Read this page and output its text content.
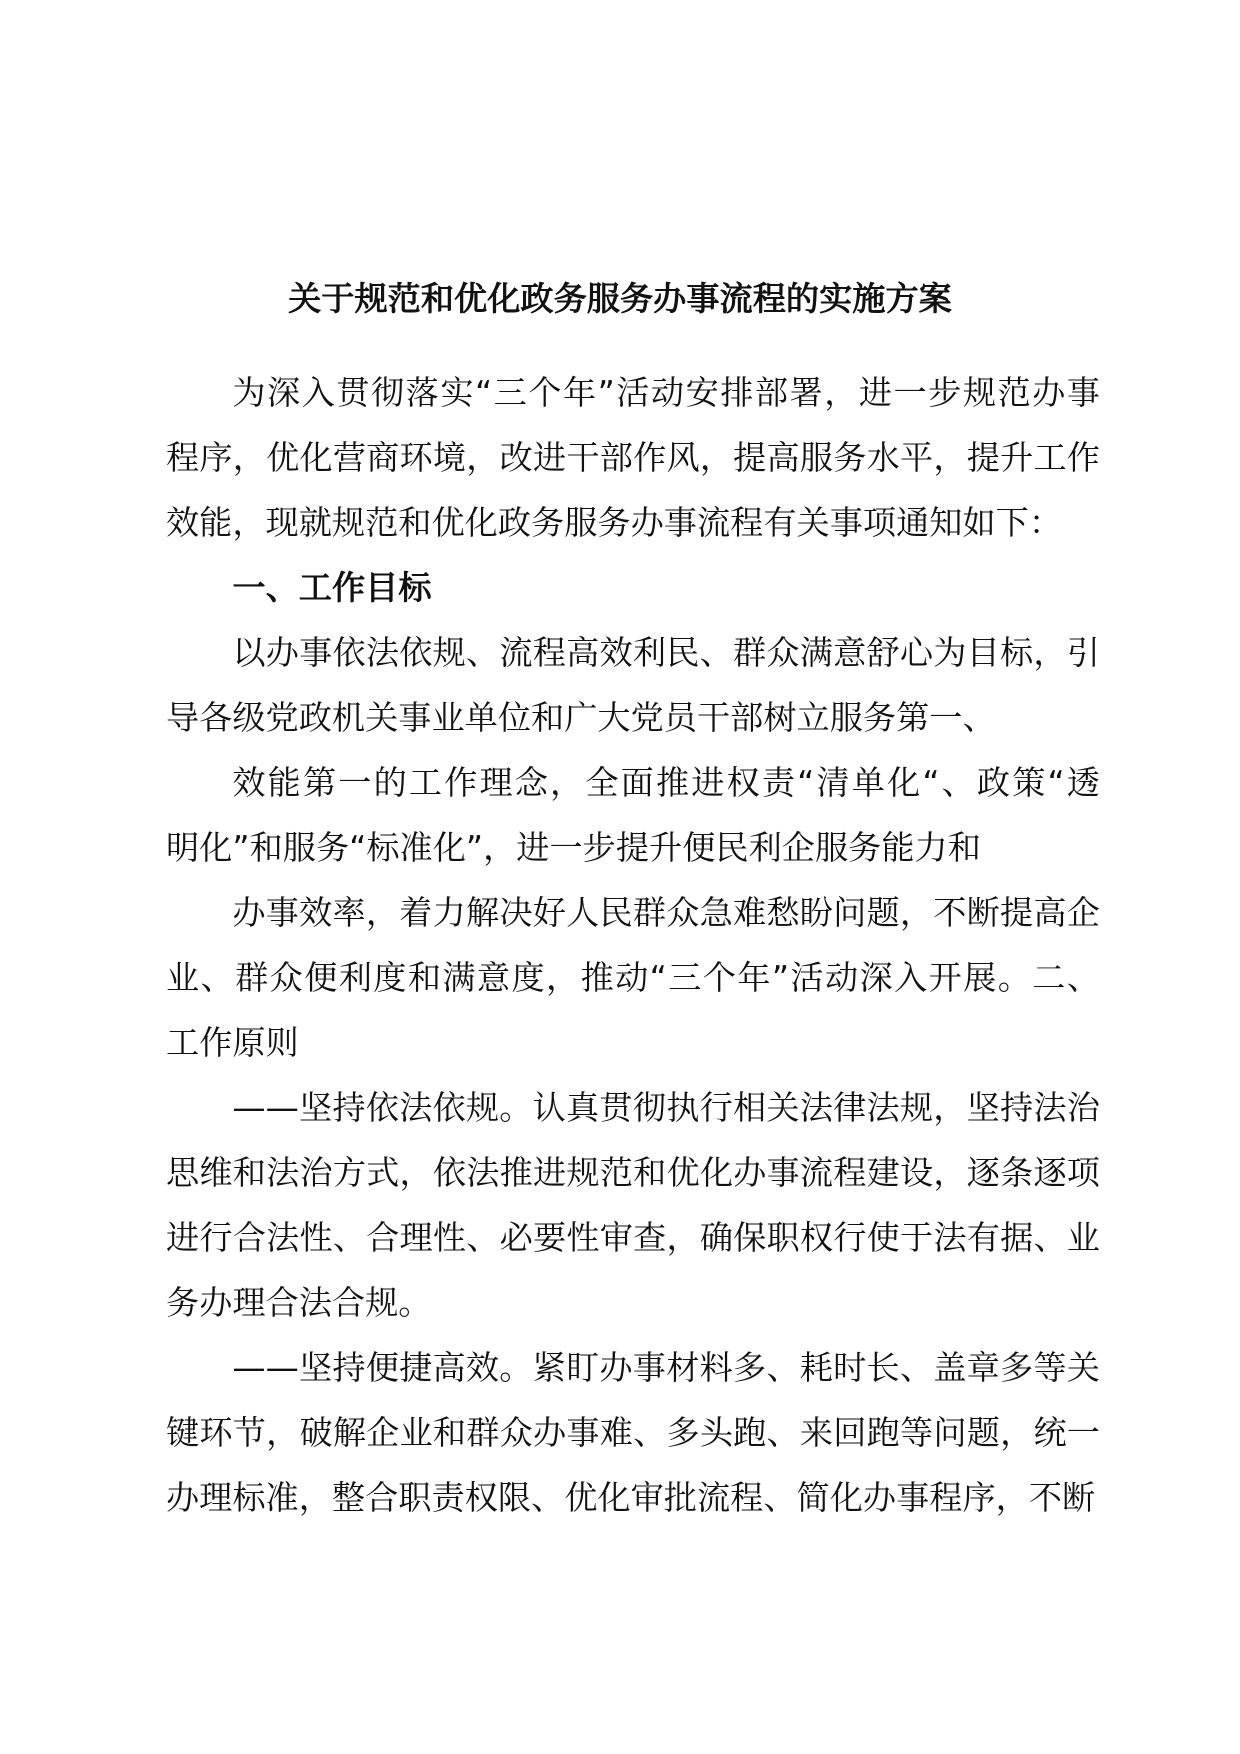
关于规范和优化政务服务办事流程的实施方案
为深入贯彻落实“三个年”活动安排部署，进一步规范办事
程序，优化营商环境，改进干部作风，提高服务水平，提升工作
效能，现就规范和优化政务服务办事流程有关事项通知如下：
一、工作目标
以办事依法依规、流程高效利民、群众满意舒心为目标，引
导各级党政机关事业单位和广大党员干部树立服务第一、
效能第一的工作理念，全面推进权责“清单化“、政策“透
明化”和服务“标准化”，进一步提升便民利企服务能力和
办事效率，着力解决好人民群众急难愁盼问题，不断提高企
业、群众便利度和满意度，推动“三个年”活动深入开展。二、
工作原则
——坚持依法依规。认真贯彻执行相关法律法规，坚持法治
思维和法治方式，依法推进规范和优化办事流程建设，逐条逐项
进行合法性、合理性、必要性审查，确保职权行使于法有据、业
务办理合法合规。
——坚持便捷高效。紧盯办事材料多、耗时长、盖章多等关
键环节，破解企业和群众办事难、多头跑、来回跑等问题，统一
办理标准，整合职责权限、优化审批流程、简化办事程序，不断
